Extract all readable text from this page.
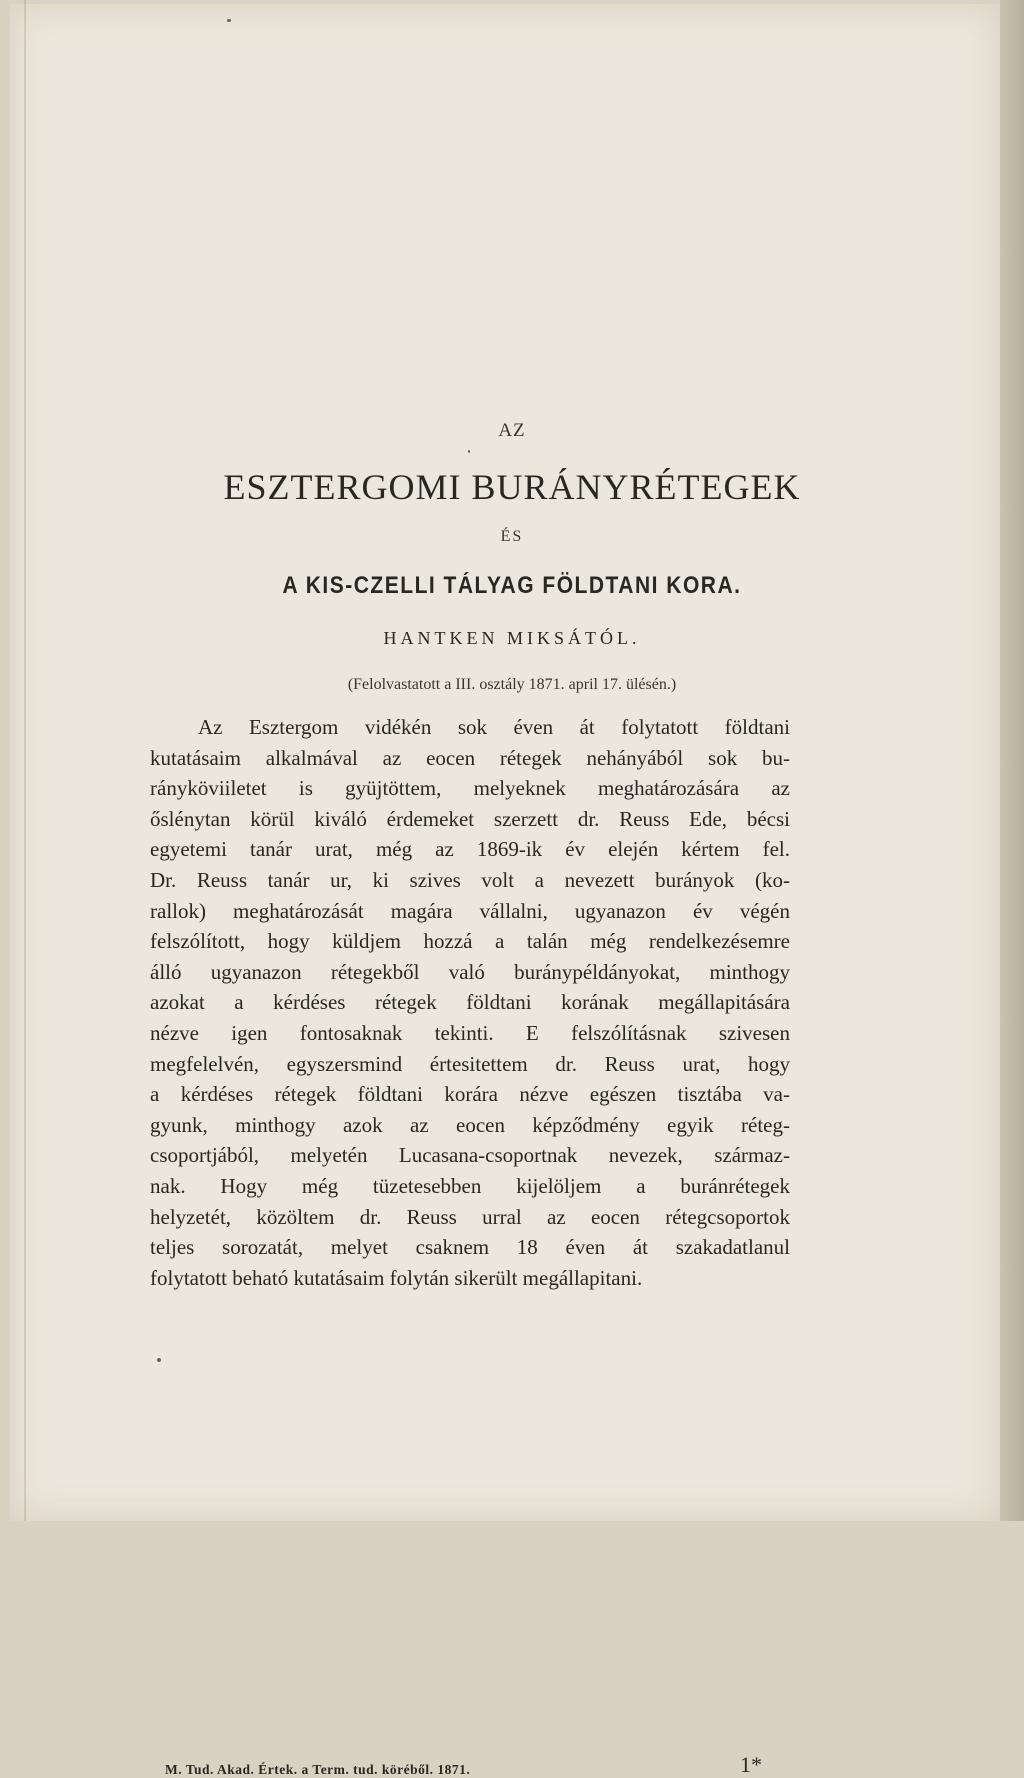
AZ
ESZTERGOMI BURÁNYRÉTEGEK
ÉS
A KIS-CZELLI TÁLYAG FÖLDTANI KORA.
HANTKEN MIKSÁTÓL.
(Felolvastatott a III. osztály 1871. april 17. ülésén.)
Az Esztergom vidékén sok éven át folytatott földtani
kutatásaim alkalmával az eocen rétegek nehányából sok bu-
rányköviiletet is gyüjtöttem, melyeknek meghatározására az
őslénytan körül kiváló érdemeket szerzett dr. Reuss Ede, bécsi
egyetemi tanár urat, még az 1869-ik év elején kértem fel.
Dr. Reuss tanár ur, ki szives volt a nevezett burányok (ko-
rallok) meghatározását magára vállalni, ugyanazon év végén
felszólított, hogy küldjem hozzá a talán még rendelkezésemre
álló ugyanazon rétegekből való buránypéldányokat, minthogy
azokat a kérdéses rétegek földtani korának megállapitására
nézve igen fontosaknak tekinti. E felszólításnak szivesen
megfelelvén, egyszersmind értesitettem dr. Reuss urat, hogy
a kérdéses rétegek földtani korára nézve egészen tisztába va-
gyunk, minthogy azok az eocen képződmény egyik réteg-
csoportjából, melyetén Lucasana-csoportnak nevezek, származ-
nak. Hogy még tüzetesebben kijelöljem a buránrétegek
helyzetét, közöltem dr. Reuss urral az eocen rétegcsoportok
teljes sorozatát, melyet csaknem 18 éven át szakadatlanul
folytatott beható kutatásaim folytán sikerült megállapitani.
M. Tud. Akad. Értek. a Term. tud. köréből. 1871.	1*
